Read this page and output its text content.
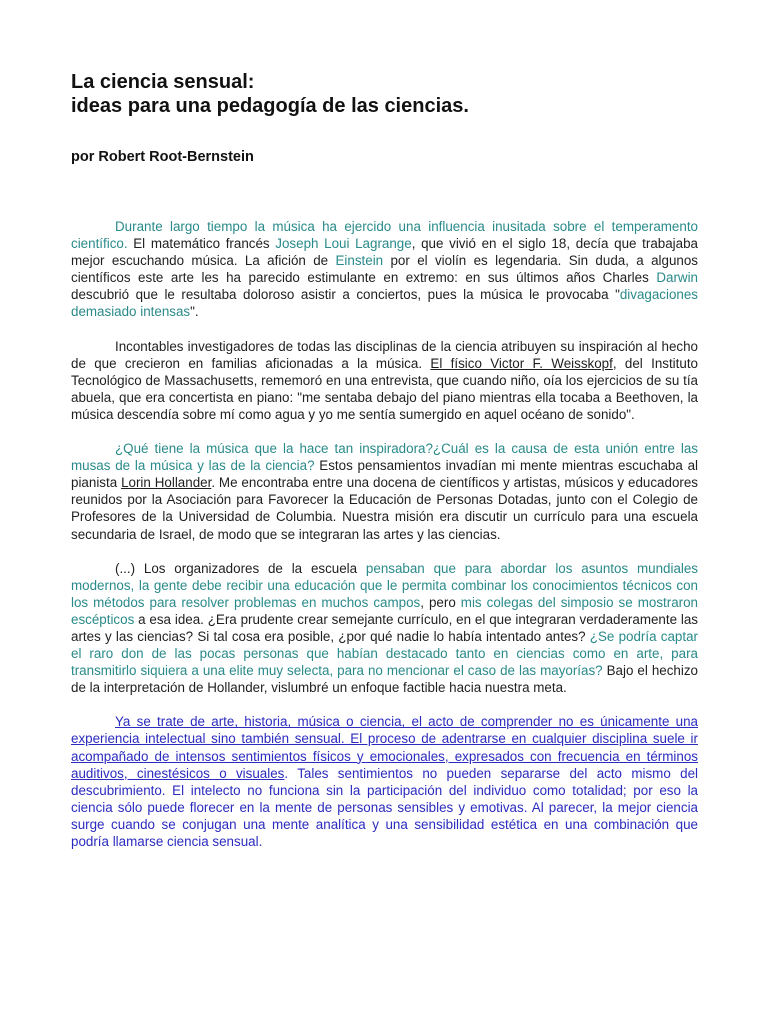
La ciencia sensual:
ideas para una pedagogía de las ciencias.

por Robert Root-Bernstein

Durante largo tiempo la música ha ejercido una influencia inusitada sobre el temperamento científico. El matemático francés Joseph Loui Lagrange, que vivió en el siglo 18, decía que trabajaba mejor escuchando música. La afición de Einstein por el violín es legendaria. Sin duda, a algunos científicos este arte les ha parecido estimulante en extremo: en sus últimos años Charles Darwin descubrió que le resultaba doloroso asistir a conciertos, pues la música le provocaba "divagaciones demasiado intensas".

Incontables investigadores de todas las disciplinas de la ciencia atribuyen su inspiración al hecho de que crecieron en familias aficionadas a la música. El físico Victor F. Weisskopf, del Instituto Tecnológico de Massachusetts, rememoró en una entrevista, que cuando niño, oía los ejercicios de su tía abuela, que era concertista en piano: "me sentaba debajo del piano mientras ella tocaba a Beethoven, la música descendía sobre mí como agua y yo me sentía sumergido en aquel océano de sonido".

¿Qué tiene la música que la hace tan inspiradora?¿Cuál es la causa de esta unión entre las musas de la música y las de la ciencia? Estos pensamientos invadían mi mente mientras escuchaba al pianista Lorin Hollander. Me encontraba entre una docena de científicos y artistas, músicos y educadores reunidos por la Asociación para Favorecer la Educación de Personas Dotadas, junto con el Colegio de Profesores de la Universidad de Columbia. Nuestra misión era discutir un currículo para una escuela secundaria de Israel, de modo que se integraran las artes y las ciencias.

(...) Los organizadores de la escuela pensaban que para abordar los asuntos mundiales modernos, la gente debe recibir una educación que le permita combinar los conocimientos técnicos con los métodos para resolver problemas en muchos campos, pero mis colegas del simposio se mostraron escépticos a esa idea. ¿Era prudente crear semejante currículo, en el que integraran verdaderamente las artes y las ciencias? Si tal cosa era posible, ¿por qué nadie lo había intentado antes? ¿Se podría captar el raro don de las pocas personas que habían destacado tanto en ciencias como en arte, para transmitirlo siquiera a una elite muy selecta, para no mencionar el caso de las mayorías? Bajo el hechizo de la interpretación de Hollander, vislumbré un enfoque factible hacia nuestra meta.

Ya se trate de arte, historia, música o ciencia, el acto de comprender no es únicamente una experiencia intelectual sino también sensual. El proceso de adentrarse en cualquier disciplina suele ir acompañado de intensos sentimientos físicos y emocionales, expresados con frecuencia en términos auditivos, cinestésicos o visuales. Tales sentimientos no pueden separarse del acto mismo del descubrimiento. El intelecto no funciona sin la participación del individuo como totalidad; por eso la ciencia sólo puede florecer en la mente de personas sensibles y emotivas. Al parecer, la mejor ciencia surge cuando se conjugan una mente analítica y una sensibilidad estética en una combinación que podría llamarse ciencia sensual.
